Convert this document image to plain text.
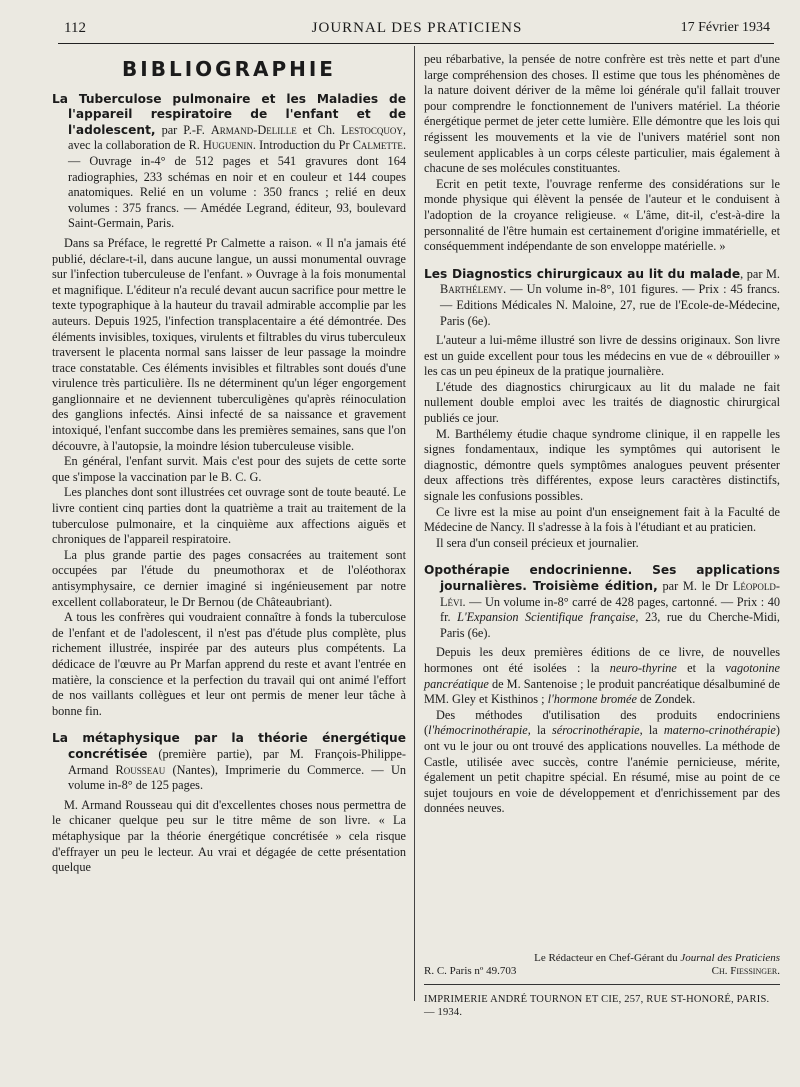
112	JOURNAL DES PRATICIENS	17 Février 1934
BIBLIOGRAPHIE
La Tuberculose pulmonaire et les Maladies de l'appareil respiratoire de l'enfant et de l'adolescent, par P.-F. Armand-Delille et Ch. Lestocquoy, avec la collaboration de R. Huguenin. Introduction du Pr Calmette. — Ouvrage in-4° de 512 pages et 541 gravures dont 164 radiographies, 233 schémas en noir et en couleur et 144 coupes anatomiques. Relié en un volume : 350 francs ; relié en deux volumes : 375 francs. — Amédée Legrand, éditeur, 93, boulevard Saint-Germain, Paris.

Dans sa Préface, le regretté Pr Calmette a raison. « Il n'a jamais été publié, déclare-t-il, dans aucune langue, un aussi monumental ouvrage sur l'infection tuberculeuse de l'enfant. » Ouvrage à la fois monumental et magnifique. L'éditeur n'a reculé devant aucun sacrifice pour mettre le texte typographique à la hauteur du travail admirable accomplie par les auteurs. Depuis 1925, l'infection transplacentaire a été démontrée. Des éléments invisibles, toxiques, virulents et filtrables du virus tuberculeux traversent le placenta normal sans laisser de leur passage la moindre trace constatable. Ces éléments invisibles et filtrables sont doués d'une virulence très particulière. Ils ne déterminent qu'un léger engorgement ganglionnaire et ne deviennent tuberculigènes qu'après réinoculation des ganglions infectés. Ainsi infecté de sa naissance et gravement intoxiqué, l'enfant succombe dans les premières semaines, sans que l'on découvre, à l'autopsie, la moindre lésion tuberculeuse visible.

En général, l'enfant survit. Mais c'est pour des sujets de cette sorte que s'impose la vaccination par le B. C. G.

Les planches dont sont illustrées cet ouvrage sont de toute beauté. Le livre contient cinq parties dont la quatrième a trait au traitement de la tuberculose pulmonaire, et la cinquième aux affections aiguës et chroniques de l'appareil respiratoire.

La plus grande partie des pages consacrées au traitement sont occupées par l'étude du pneumothorax et de l'oléothorax antisymphysaire, ce dernier imaginé si ingénieusement par notre excellent collaborateur, le Dr Bernou (de Châteaubriant).

A tous les confrères qui voudraient connaître à fonds la tuberculose de l'enfant et de l'adolescent, il n'est pas d'étude plus complète, plus richement illustrée, inspirée par des auteurs plus compétents. La dédicace de l'œuvre au Pr Marfan apprend du reste et avant l'entrée en matière, la conscience et la perfection du travail qui ont animé l'effort de nos vaillants collègues et leur ont permis de mener leur tâche à bonne fin.

La métaphysique par la théorie énergétique concrétisée (première partie), par M. François-Philippe-Armand Rousseau (Nantes), Imprimerie du Commerce. — Un volume in-8° de 125 pages.

M. Armand Rousseau qui dit d'excellentes choses nous permettra de le chicaner quelque peu sur le titre même de son livre. « La métaphysique par la théorie énergétique concrétisée » cela risque d'effrayer un peu le lecteur. Au vrai et dégagée de cette présentation quelque

peu rébarbative, la pensée de notre confrère est très nette et part d'une large compréhension des choses. Il estime que tous les phénomènes de la nature doivent dériver de la même loi générale qu'il fallait trouver pour comprendre le fonctionnement de l'univers matériel. La théorie énergétique permet de jeter cette lumière. Elle démontre que les lois qui régissent les mouvements et la vie de l'univers matériel sont non seulement applicables à un corps céleste particulier, mais également à chacune de ses molécules constituantes.

Ecrit en petit texte, l'ouvrage renferme des considérations sur le monde physique qui élèvent la pensée de l'auteur et le conduisent à l'adoption de la croyance religieuse. « L'âme, dit-il, c'est-à-dire la personnalité de l'être humain est certainement d'origine immatérielle, et conséquemment indépendante de son enveloppe matérielle. »

Les Diagnostics chirurgicaux au lit du malade, par M. Barthélemy. — Un volume in-8°, 101 figures. — Prix : 45 francs. — Editions Médicales N. Maloine, 27, rue de l'Ecole-de-Médecine, Paris (6e).

L'auteur a lui-même illustré son livre de dessins originaux. Son livre est un guide excellent pour tous les médecins en vue de « débrouiller » les cas un peu épineux de la pratique journalière.

L'étude des diagnostics chirurgicaux au lit du malade ne fait nullement double emploi avec les traités de diagnostic chirurgical publiés ce jour.

M. Barthélemy étudie chaque syndrome clinique, il en rappelle les signes fondamentaux, indique les symptômes qui autorisent le diagnostic, démontre quels symptômes analogues peuvent présenter deux affections très différentes, expose leurs caractères distinctifs, signale les confusions possibles.

Ce livre est la mise au point d'un enseignement fait à la Faculté de Médecine de Nancy. Il s'adresse à la fois à l'étudiant et au praticien.

Il sera d'un conseil précieux et journalier.

Opothérapie endocrinienne. Ses applications journalières. Troisième édition, par M. le Dr Léopold-Lévi. — Un volume in-8° carré de 428 pages, cartonné. — Prix : 40 fr. L'Expansion Scientifique française, 23, rue du Cherche-Midi, Paris (6e).

Depuis les deux premières éditions de ce livre, de nouvelles hormones ont été isolées : la neuro-thyrine et la vagotonine pancréatique de M. Santenoise ; le produit pancréatique désalbuminé de MM. Gley et Kisthinos ; l'hormone bromée de Zondek.

Des méthodes d'utilisation des produits endocriniens (l'hémocrinothérapie, la sérocrinothérapie, la materno-crinothérapie) ont vu le jour ou ont trouvé des applications nouvelles. La méthode de Castle, utilisée avec succès, contre l'anémie pernicieuse, mérite, également un petit chapitre spécial. En résumé, mise au point de ce sujet toujours en voie de développement et d'enrichissement par des données neuves.

Le Rédacteur en Chef-Gérant du Journal des Praticiens
R. C. Paris nº 49.703	Ch. Fiessinger.
IMPRIMERIE ANDRÉ TOURNON ET CIE, 257, RUE ST-HONORÉ, PARIS. — 1934.
